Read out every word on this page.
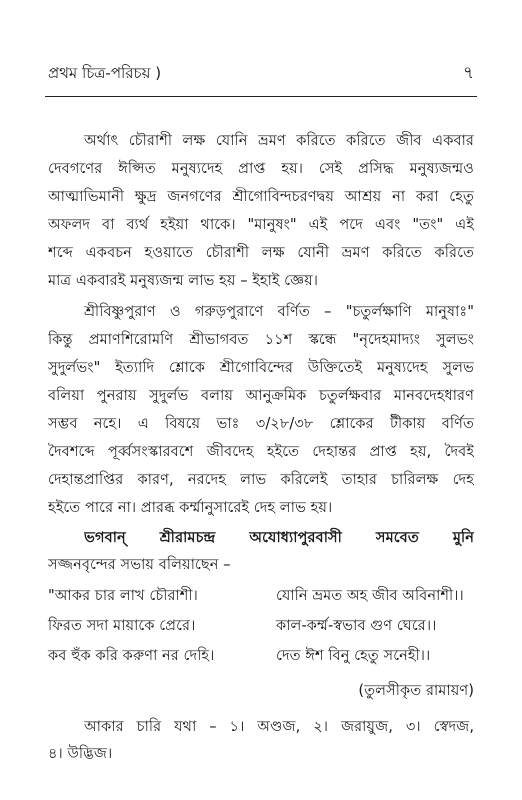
প্রথম চিত্র-পরিচয় )	৭
অর্থাৎ চৌরাশী লক্ষ যোনি ভ্রমণ করিতে করিতে জীব একবার
দেবগণের ঈপ্সিত মনুষ্যদেহ প্রাপ্ত হয়। সেই প্রসিদ্ধ মনুষ্যজন্মও
আত্মাভিমানী ক্ষুদ্র জনগণের শ্রীগোবিন্দচরণদ্বয় আশ্রয় না করা হেতু
অফলদ বা ব্যর্থ হইয়া থাকে। "মানুষং" এই পদে এবং "তং" এই
শব্দে একবচন হওয়াতে চৌরাশী লক্ষ যোনী ভ্রমণ করিতে করিতে
মাত্র একবারই মনুষ্যজন্ম লাভ হয় – ইহাই জ্ঞেয়।
শ্রীবিষ্ণুপুরাণ ও গরুড়পুরাণে বর্ণিত – "চতুর্লক্ষাণি মানুষাঃ"
কিন্তু প্রমাণশিরোমণি শ্রীভাগবত ১১শ স্কন্ধে "নৃদেহমাদ্যং সুলভং
সুদুর্লভং" ইত্যাদি শ্লোকে শ্রীগোবিন্দের উক্তিতেই মনুষ্যদেহ সুলভ
বলিয়া পুনরায় সুদুর্লভ বলায় আনুক্রমিক চতুর্লক্ষবার মানবদেহধারণ
সম্ভব নহে। এ বিষয়ে ভাঃ ৩/২৮/৩৮ শ্লোকের টীকায় বর্ণিত
দৈবশব্দে পূর্ব্বসংস্কারবশে জীবদেহ হইতে দেহান্তর প্রাপ্ত হয়, দৈবই
দেহান্তপ্রাপ্তির কারণ, নরদেহ লাভ করিলেই তাহার চারিলক্ষ দেহ
হইতে পারে না। প্রারব্ধ কর্ম্মানুসারেই দেহ লাভ হয়।
ভগবান্ শ্রীরামচন্দ্র অযোধ্যাপুরবাসী সমবেত মুনি
সজ্জনবৃন্দের সভায় বলিয়াছেন –
"আকর চার লাখ চৌরাশী।	যোনি ভ্রমত অহ জীব অবিনাশী।।
ফিরত সদা মায়াকে প্রেরে।	কাল-কর্ম্ম-স্বভাব গুণ ঘেরে।।
কব হুঁক করি করুণা নর দেহি।	দেত ঈশ বিনু হেতু সনেহী।।
(তুলসীকৃত রামায়ণ)
আকার চারি যথা – ১। অণ্ডজ, ২। জরায়ুজ, ৩। স্বেদজ,
৪। উদ্ভিজ।
